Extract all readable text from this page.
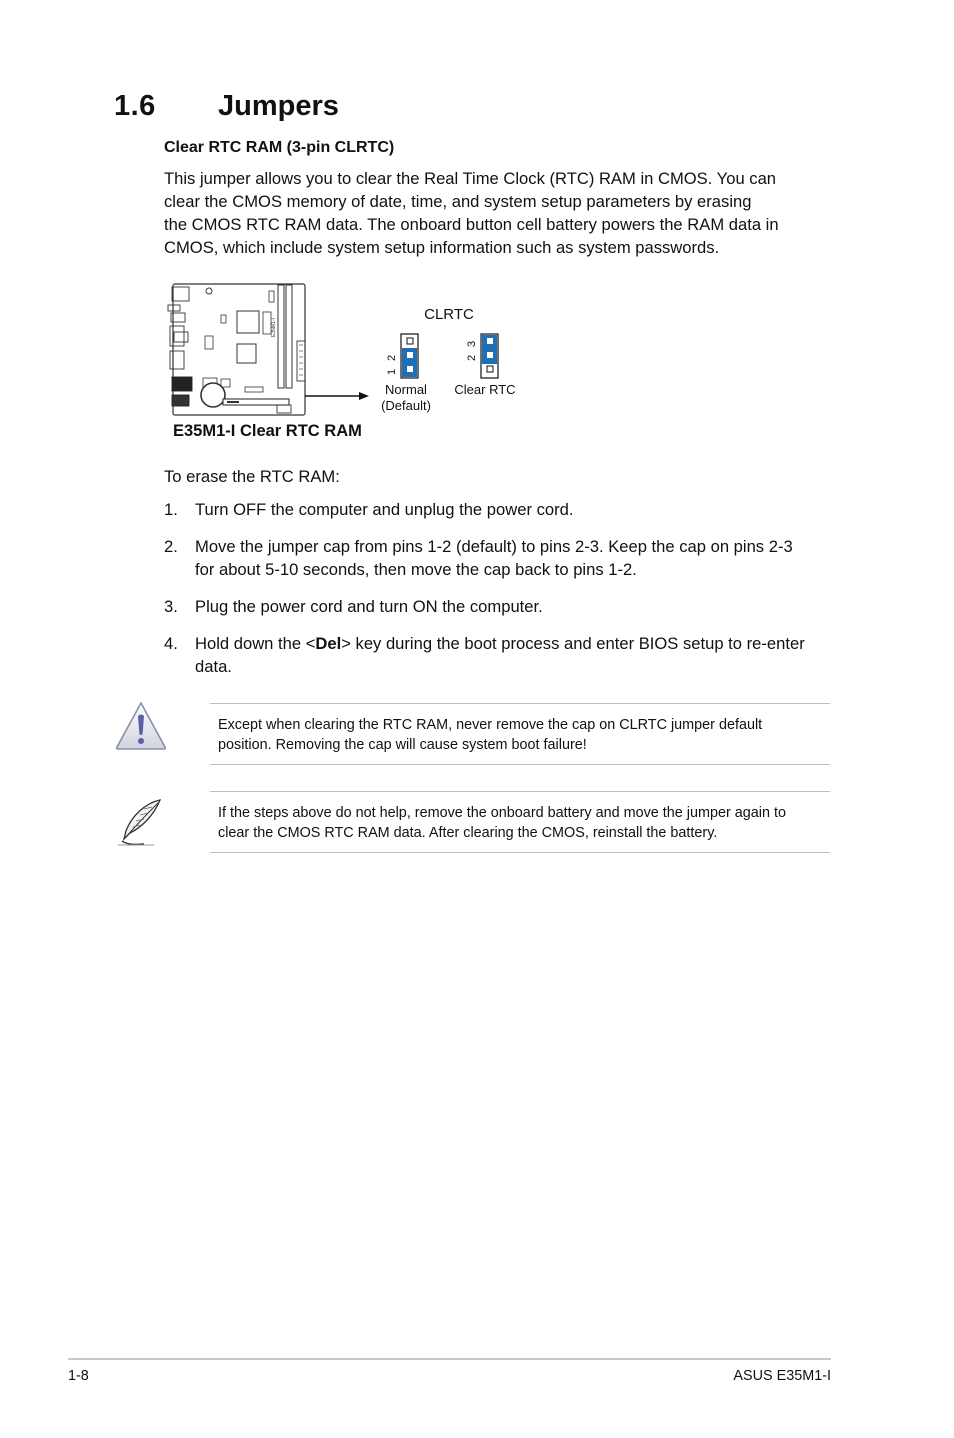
1.6 Jumpers
Clear RTC RAM (3-pin CLRTC)
This jumper allows you to clear the Real Time Clock (RTC) RAM in CMOS. You can
clear the CMOS memory of date, time, and system setup parameters by erasing
the CMOS RTC RAM data. The onboard button cell battery powers the RAM data in
CMOS, which include system setup information such as system passwords.
E35M1-I
CLRTC
1
2
Normal
(Default)
2
3
Clear RTC
E35M1-I Clear RTC RAM
To erase the RTC RAM:
1. Turn OFF the computer and unplug the power cord.
2. Move the jumper cap from pins 1-2 (default) to pins 2-3. Keep the cap on pins 2-3
for about 5-10 seconds, then move the cap back to pins 1-2.
3. Plug the power cord and turn ON the computer.
4. Hold down the <Del> key during the boot process and enter BIOS setup to re-enter
data.
Except when clearing the RTC RAM, never remove the cap on CLRTC jumper default
position. Removing the cap will cause system boot failure!
If the steps above do not help, remove the onboard battery and move the jumper again to
clear the CMOS RTC RAM data. After clearing the CMOS, reinstall the battery.
1-8	ASUS E35M1-I
